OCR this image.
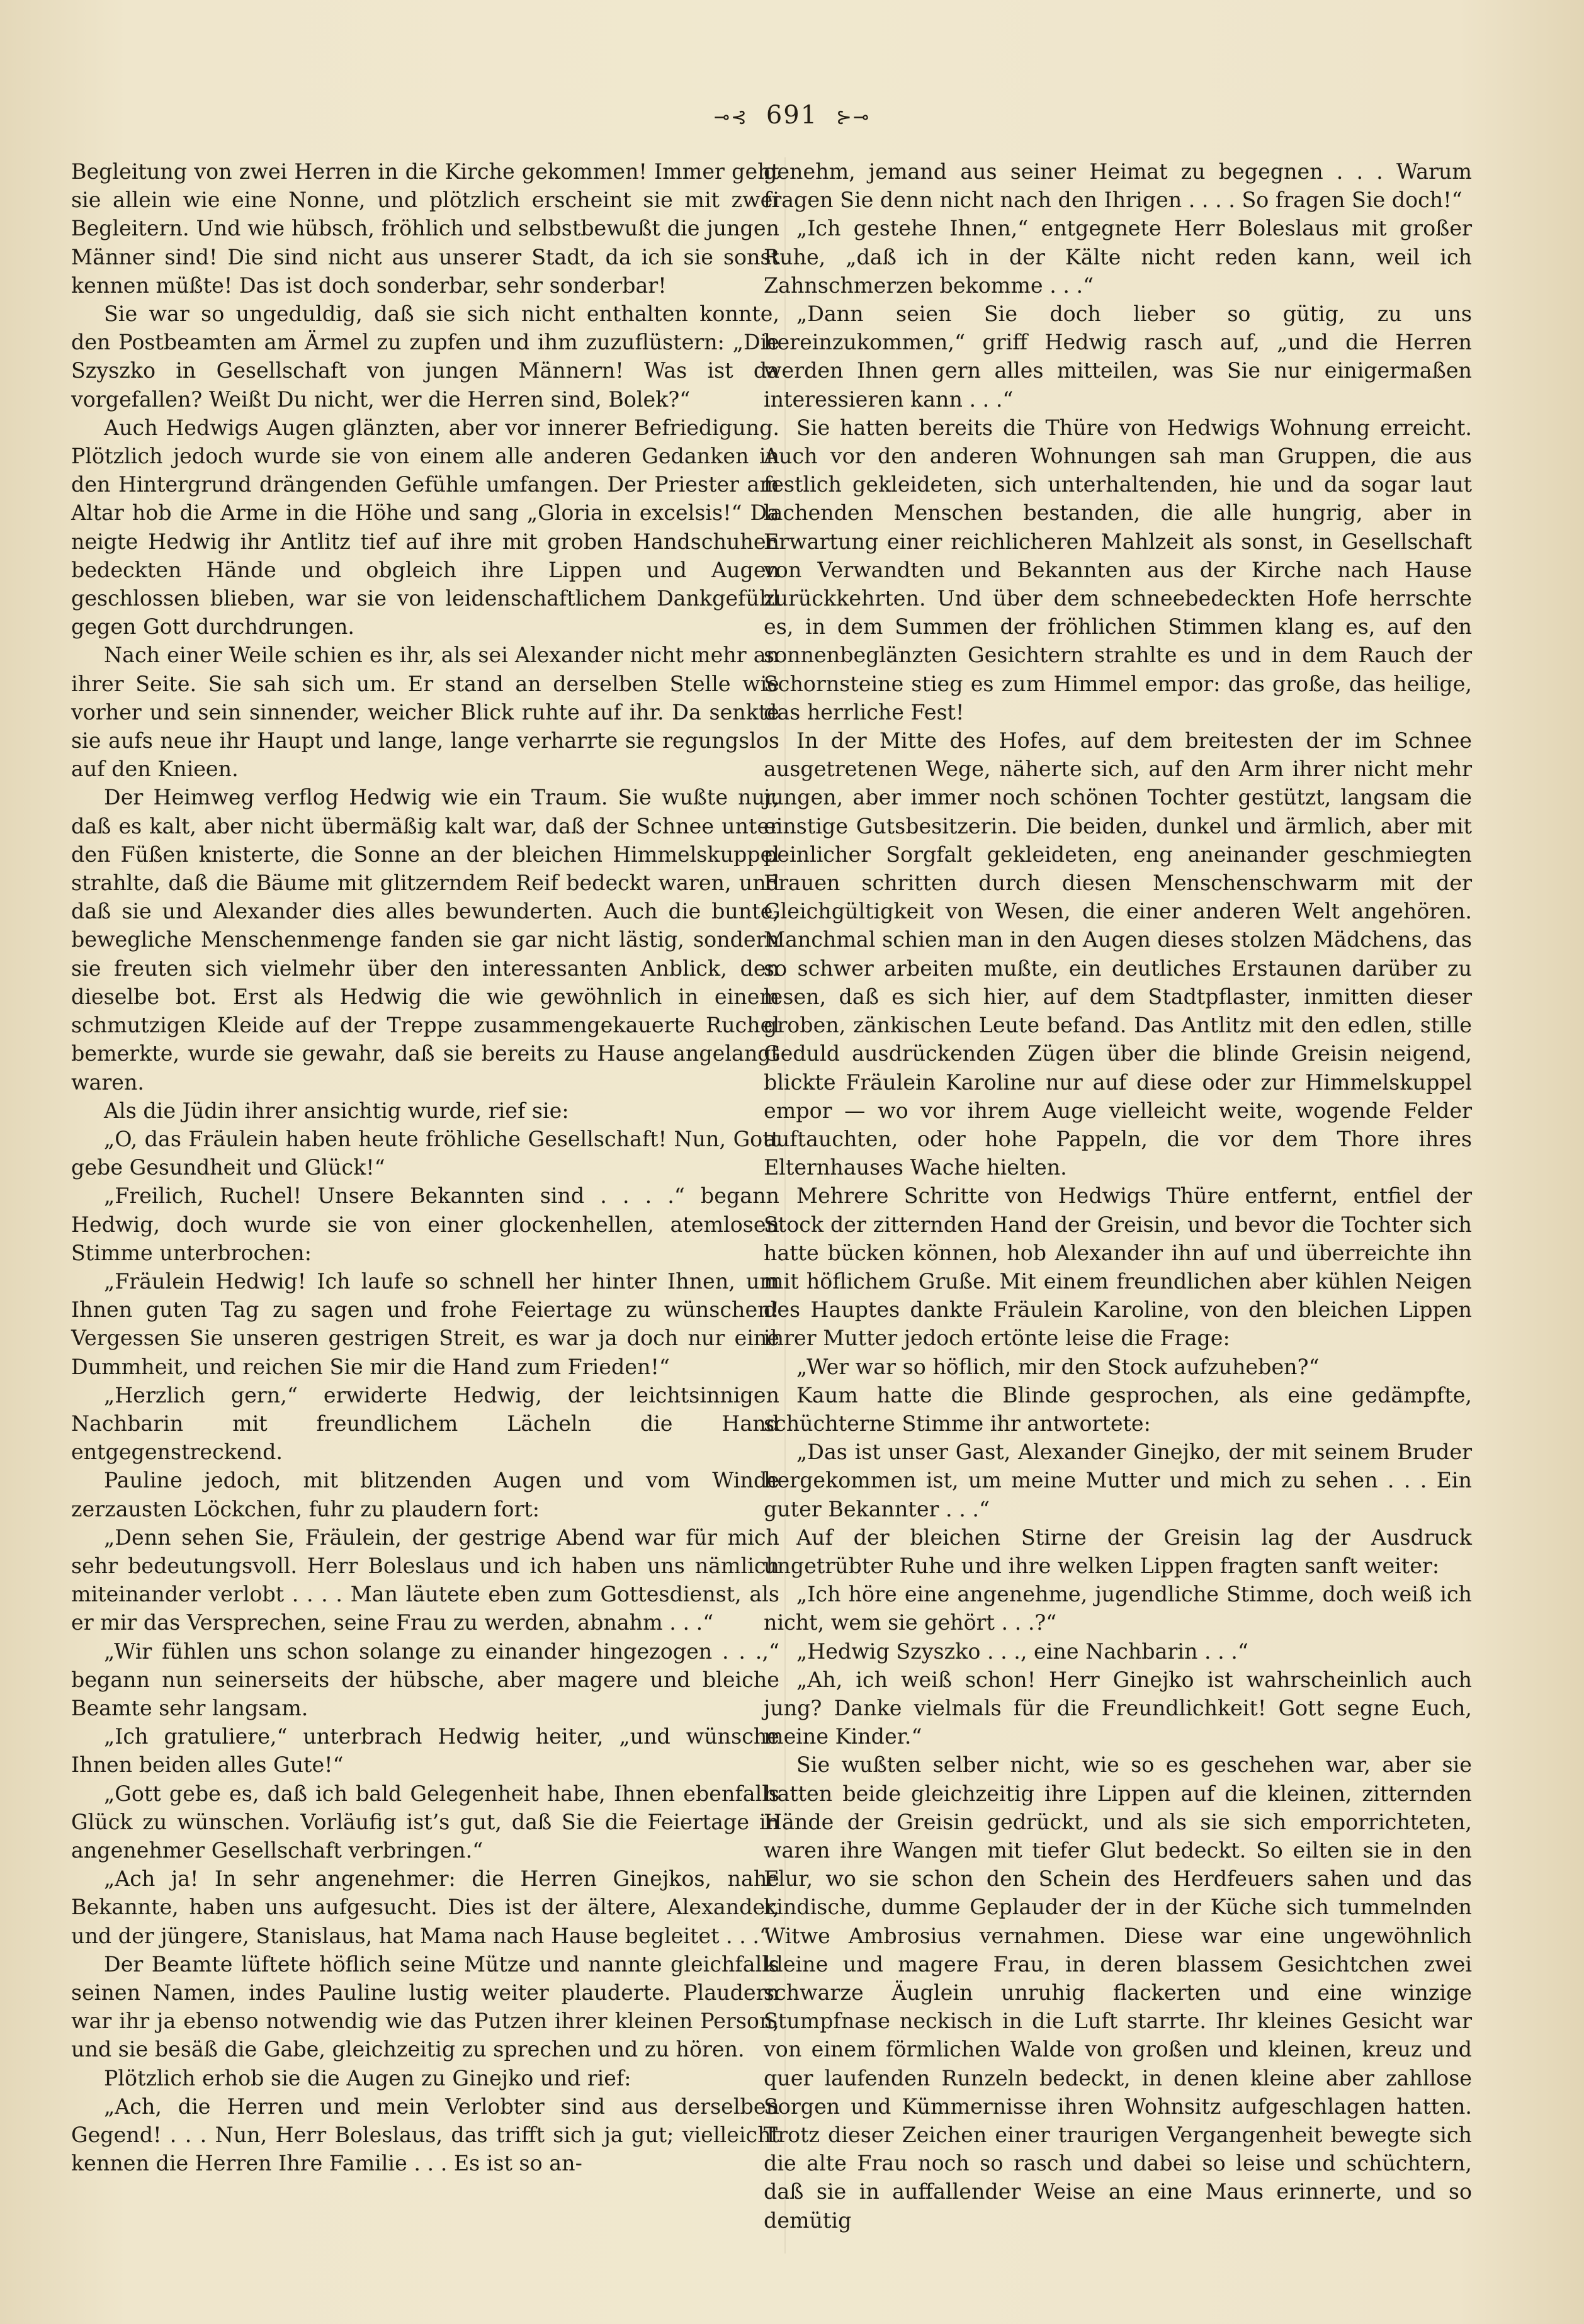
⊸⊰ 691 ⊱⊸

Begleitung von zwei Herren in die Kirche gekommen! Immer geht sie allein wie eine Nonne, und plötzlich erscheint sie mit zwei Begleitern. Und wie hübsch, fröhlich und selbstbewußt die jungen Männer sind! Die sind nicht aus unserer Stadt, da ich sie sonst kennen müßte! Das ist doch sonderbar, sehr sonderbar!

Sie war so ungeduldig, daß sie sich nicht enthalten konnte, den Postbeamten am Ärmel zu zupfen und ihm zuzuflüstern: „Die Szyszko in Gesellschaft von jungen Männern! Was ist da vorgefallen? Weißt Du nicht, wer die Herren sind, Bolek?“

Auch Hedwigs Augen glänzten, aber vor innerer Befriedigung. Plötzlich jedoch wurde sie von einem alle anderen Gedanken in den Hintergrund drängenden Gefühle umfangen. Der Priester am Altar hob die Arme in die Höhe und sang „Gloria in excelsis!“ Da neigte Hedwig ihr Antlitz tief auf ihre mit groben Handschuhen bedeckten Hände und obgleich ihre Lippen und Augen geschlossen blieben, war sie von leidenschaftlichem Dankgefühl gegen Gott durchdrungen.

Nach einer Weile schien es ihr, als sei Alexander nicht mehr an ihrer Seite. Sie sah sich um. Er stand an derselben Stelle wie vorher und sein sinnender, weicher Blick ruhte auf ihr. Da senkte sie aufs neue ihr Haupt und lange, lange verharrte sie regungslos auf den Knieen.

Der Heimweg verflog Hedwig wie ein Traum. Sie wußte nur, daß es kalt, aber nicht übermäßig kalt war, daß der Schnee unter den Füßen knisterte, die Sonne an der bleichen Himmelskuppel strahlte, daß die Bäume mit glitzerndem Reif bedeckt waren, und daß sie und Alexander dies alles bewunderten. Auch die bunte, bewegliche Menschenmenge fanden sie gar nicht lästig, sondern sie freuten sich vielmehr über den interessanten Anblick, den dieselbe bot. Erst als Hedwig die wie gewöhnlich in einem schmutzigen Kleide auf der Treppe zusammengekauerte Ruchel bemerkte, wurde sie gewahr, daß sie bereits zu Hause angelangt waren.

Als die Jüdin ihrer ansichtig wurde, rief sie:

„O, das Fräulein haben heute fröhliche Gesellschaft! Nun, Gott gebe Gesundheit und Glück!“

„Freilich, Ruchel! Unsere Bekannten sind . . . .“ begann Hedwig, doch wurde sie von einer glockenhellen, atemlosen Stimme unterbrochen:

„Fräulein Hedwig! Ich laufe so schnell her hinter Ihnen, um Ihnen guten Tag zu sagen und frohe Feiertage zu wünschen! Vergessen Sie unseren gestrigen Streit, es war ja doch nur eine Dummheit, und reichen Sie mir die Hand zum Frieden!“

„Herzlich gern,“ erwiderte Hedwig, der leichtsinnigen Nachbarin mit freundlichem Lächeln die Hand entgegenstreckend.

Pauline jedoch, mit blitzenden Augen und vom Winde zerzausten Löckchen, fuhr zu plaudern fort:

„Denn sehen Sie, Fräulein, der gestrige Abend war für mich sehr bedeutungsvoll. Herr Boleslaus und ich haben uns nämlich miteinander verlobt . . . . Man läutete eben zum Gottesdienst, als er mir das Versprechen, seine Frau zu werden, abnahm . . .“

„Wir fühlen uns schon solange zu einander hingezogen . . .,“ begann nun seinerseits der hübsche, aber magere und bleiche Beamte sehr langsam.

„Ich gratuliere,“ unterbrach Hedwig heiter, „und wünsche Ihnen beiden alles Gute!“

„Gott gebe es, daß ich bald Gelegenheit habe, Ihnen ebenfalls Glück zu wünschen. Vorläufig ist’s gut, daß Sie die Feiertage in angenehmer Gesellschaft verbringen.“

„Ach ja! In sehr angenehmer: die Herren Ginejkos, nahe Bekannte, haben uns aufgesucht. Dies ist der ältere, Alexander, und der jüngere, Stanislaus, hat Mama nach Hause begleitet . . .“

Der Beamte lüftete höflich seine Mütze und nannte gleichfalls seinen Namen, indes Pauline lustig weiter plauderte. Plaudern war ihr ja ebenso notwendig wie das Putzen ihrer kleinen Person, und sie besäß die Gabe, gleichzeitig zu sprechen und zu hören.

Plötzlich erhob sie die Augen zu Ginejko und rief:

„Ach, die Herren und mein Verlobter sind aus derselben Gegend! . . . Nun, Herr Boleslaus, das trifft sich ja gut; vielleicht kennen die Herren Ihre Familie . . . Es ist so an-

genehm, jemand aus seiner Heimat zu begegnen . . . Warum fragen Sie denn nicht nach den Ihrigen . . . . So fragen Sie doch!“

„Ich gestehe Ihnen,“ entgegnete Herr Boleslaus mit großer Ruhe, „daß ich in der Kälte nicht reden kann, weil ich Zahnschmerzen bekomme . . .“

„Dann seien Sie doch lieber so gütig, zu uns hereinzukommen,“ griff Hedwig rasch auf, „und die Herren werden Ihnen gern alles mitteilen, was Sie nur einigermaßen interessieren kann . . .“

Sie hatten bereits die Thüre von Hedwigs Wohnung erreicht. Auch vor den anderen Wohnungen sah man Gruppen, die aus festlich gekleideten, sich unterhaltenden, hie und da sogar laut lachenden Menschen bestanden, die alle hungrig, aber in Erwartung einer reichlicheren Mahlzeit als sonst, in Gesellschaft von Verwandten und Bekannten aus der Kirche nach Hause zurückkehrten. Und über dem schneebedeckten Hofe herrschte es, in dem Summen der fröhlichen Stimmen klang es, auf den sonnenbeglänzten Gesichtern strahlte es und in dem Rauch der Schornsteine stieg es zum Himmel empor: das große, das heilige, das herrliche Fest!

In der Mitte des Hofes, auf dem breitesten der im Schnee ausgetretenen Wege, näherte sich, auf den Arm ihrer nicht mehr jungen, aber immer noch schönen Tochter gestützt, langsam die einstige Gutsbesitzerin. Die beiden, dunkel und ärmlich, aber mit peinlicher Sorgfalt gekleideten, eng aneinander geschmiegten Frauen schritten durch diesen Menschenschwarm mit der Gleichgültigkeit von Wesen, die einer anderen Welt angehören. Manchmal schien man in den Augen dieses stolzen Mädchens, das so schwer arbeiten mußte, ein deutliches Erstaunen darüber zu lesen, daß es sich hier, auf dem Stadtpflaster, inmitten dieser groben, zänkischen Leute befand. Das Antlitz mit den edlen, stille Geduld ausdrückenden Zügen über die blinde Greisin neigend, blickte Fräulein Karoline nur auf diese oder zur Himmelskuppel empor — wo vor ihrem Auge vielleicht weite, wogende Felder auftauchten, oder hohe Pappeln, die vor dem Thore ihres Elternhauses Wache hielten.

Mehrere Schritte von Hedwigs Thüre entfernt, entfiel der Stock der zitternden Hand der Greisin, und bevor die Tochter sich hatte bücken können, hob Alexander ihn auf und überreichte ihn mit höflichem Gruße. Mit einem freundlichen aber kühlen Neigen des Hauptes dankte Fräulein Karoline, von den bleichen Lippen ihrer Mutter jedoch ertönte leise die Frage:

„Wer war so höflich, mir den Stock aufzuheben?“

Kaum hatte die Blinde gesprochen, als eine gedämpfte, schüchterne Stimme ihr antwortete:

„Das ist unser Gast, Alexander Ginejko, der mit seinem Bruder hergekommen ist, um meine Mutter und mich zu sehen . . . Ein guter Bekannter . . .“

Auf der bleichen Stirne der Greisin lag der Ausdruck ungetrübter Ruhe und ihre welken Lippen fragten sanft weiter:

„Ich höre eine angenehme, jugendliche Stimme, doch weiß ich nicht, wem sie gehört . . .?“

„Hedwig Szyszko . . ., eine Nachbarin . . .“

„Ah, ich weiß schon! Herr Ginejko ist wahrscheinlich auch jung? Danke vielmals für die Freundlichkeit! Gott segne Euch, meine Kinder.“

Sie wußten selber nicht, wie so es geschehen war, aber sie hatten beide gleichzeitig ihre Lippen auf die kleinen, zitternden Hände der Greisin gedrückt, und als sie sich emporrichteten, waren ihre Wangen mit tiefer Glut bedeckt. So eilten sie in den Flur, wo sie schon den Schein des Herdfeuers sahen und das kindische, dumme Geplauder der in der Küche sich tummelnden Witwe Ambrosius vernahmen. Diese war eine ungewöhnlich kleine und magere Frau, in deren blassem Gesichtchen zwei schwarze Äuglein unruhig flackerten und eine winzige Stumpfnase neckisch in die Luft starrte. Ihr kleines Gesicht war von einem förmlichen Walde von großen und kleinen, kreuz und quer laufenden Runzeln bedeckt, in denen kleine aber zahllose Sorgen und Kümmernisse ihren Wohnsitz aufgeschlagen hatten. Trotz dieser Zeichen einer traurigen Vergangenheit bewegte sich die alte Frau noch so rasch und dabei so leise und schüchtern, daß sie in auffallender Weise an eine Maus erinnerte, und so demütig
